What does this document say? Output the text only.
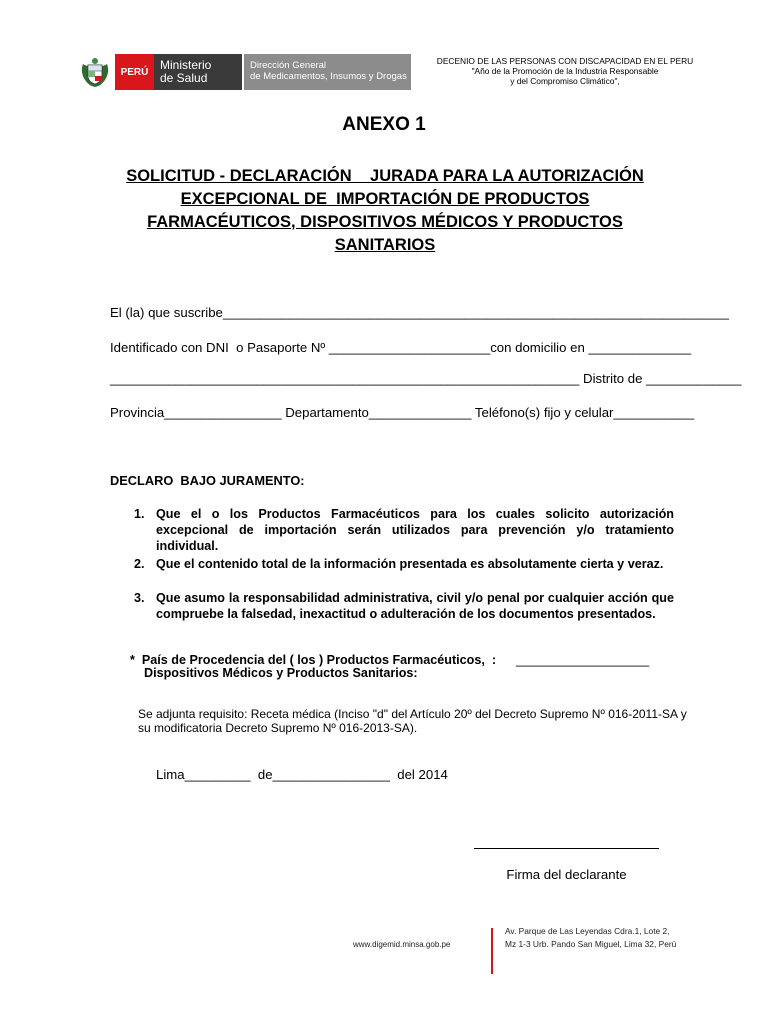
PERÚ Ministerio
de Salud
Dirección General
de Medicamentos, Insumos y Drogas
DECENIO DE LAS PERSONAS CON DISCAPACIDAD EN EL PERU
"Año de la Promoción de la Industria Responsable
y del Compromiso Climático",
ANEXO 1
SOLICITUD - DECLARACIÓN    JURADA PARA LA AUTORIZACIÓN
EXCEPCIONAL DE  IMPORTACIÓN DE PRODUCTOS
FARMACÉUTICOS, DISPOSITIVOS MÉDICOS Y PRODUCTOS
SANITARIOS
El (la) que suscribe_____________________________________________________________________
Identificado con DNI  o Pasaporte Nº ______________________con domicilio en ______________
________________________________________________________________ Distrito de _____________
Provincia________________ Departamento______________ Teléfono(s) fijo y celular___________
DECLARO  BAJO JURAMENTO:
1. Que el o los Productos Farmacéuticos para los cuales solicito autorización excepcional de importación serán utilizados para prevención y/o tratamiento individual.
2. Que el contenido total de la información presentada es absolutamente cierta y veraz.
3. Que asumo la responsabilidad administrativa, civil y/o penal por cualquier acción que compruebe la falsedad, inexactitud o adulteración de los documentos presentados.
*  País de Procedencia del ( los ) Productos Farmacéuticos,  :
Dispositivos Médicos y Productos Sanitarios:
___________________
Se adjunta requisito: Receta médica (Inciso "d" del Artículo 20º del Decreto Supremo Nº 016-2011-SA y su modificatoria Decreto Supremo Nº 016-2013-SA).
Lima_________  de________________  del 2014
Firma del declarante
www.digemid.minsa.gob.pe
Av. Parque de Las Leyendas Cdra.1, Lote 2,
Mz 1-3 Urb. Pando San Miguel, Lima 32, Perú
